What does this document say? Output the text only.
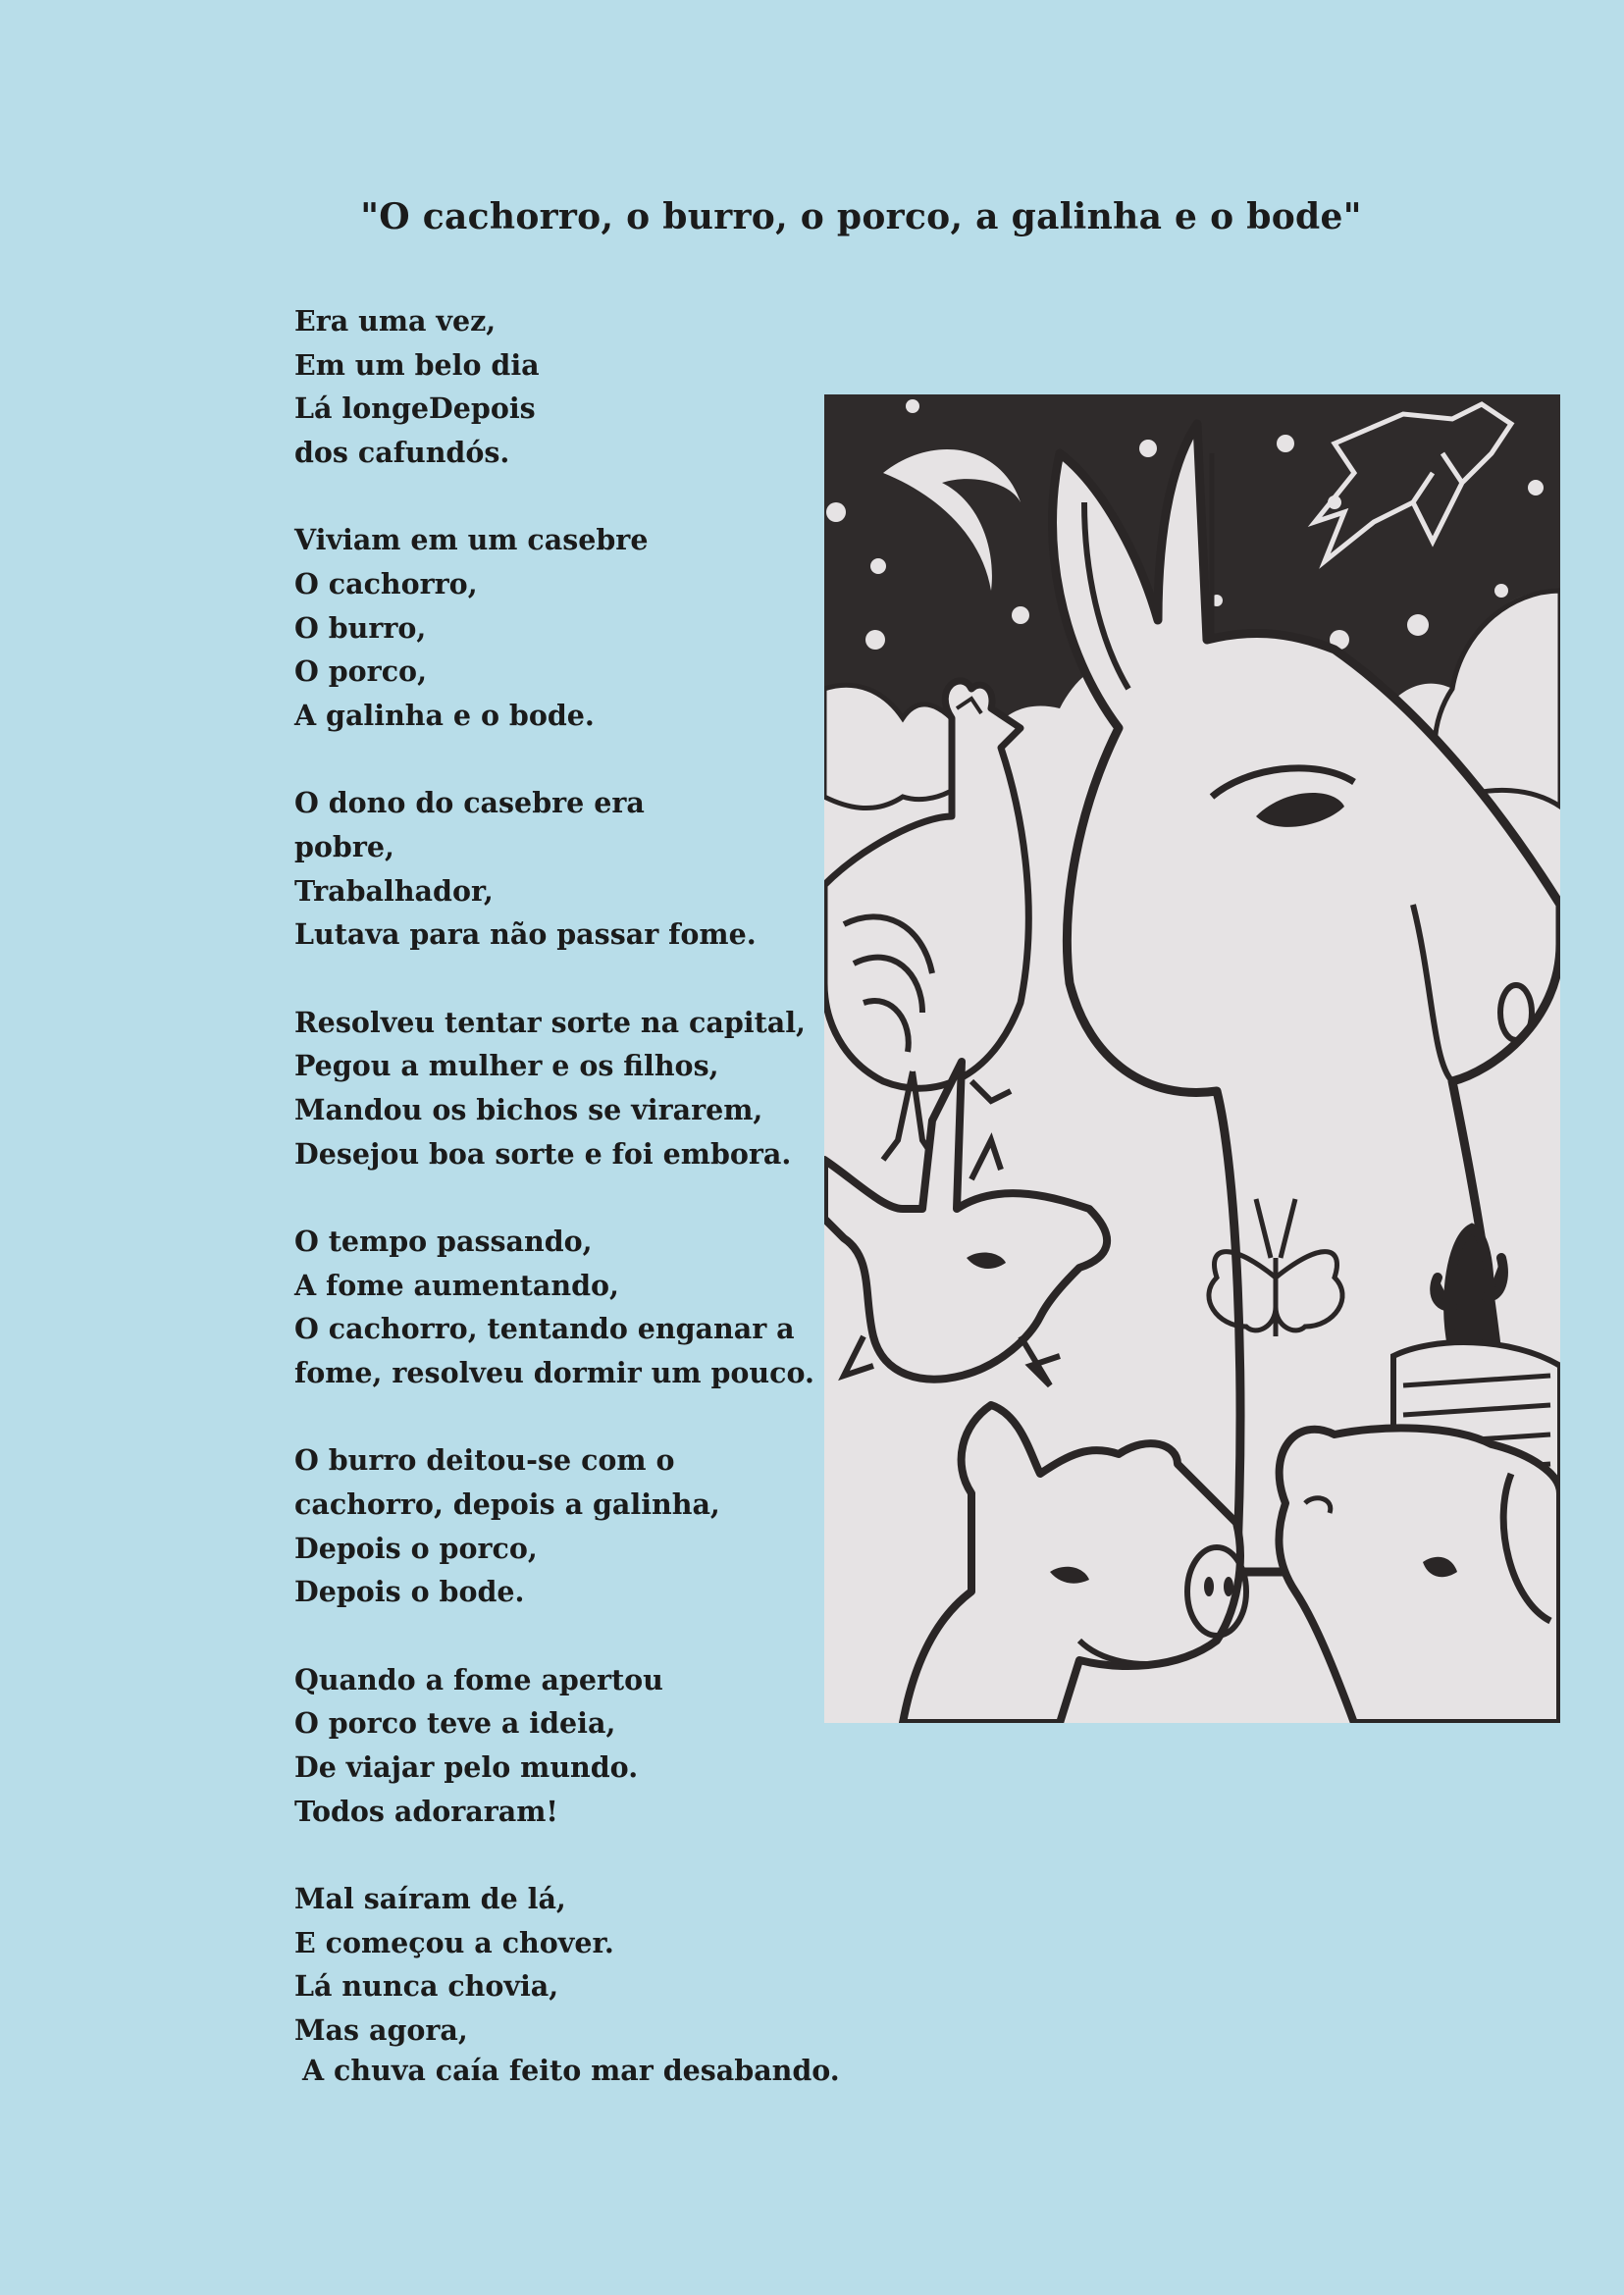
"O cachorro, o burro, o porco, a galinha e o bode"
Era uma vez,
Em um belo dia
Lá longeDepois
dos cafundós.
Viviam em um casebre
O cachorro,
O burro,
O porco,
A galinha e o bode.
O dono do casebre era
pobre,
Trabalhador,
Lutava para não passar fome.
Resolveu tentar sorte na capital,
Pegou a mulher e os filhos,
Mandou os bichos se virarem,
Desejou boa sorte e foi embora.
O tempo passando,
A fome aumentando,
O cachorro, tentando enganar a
fome, resolveu dormir um pouco.
O burro deitou-se com o
cachorro, depois a galinha,
Depois o porco,
Depois o bode.
Quando a fome apertou
O porco teve a ideia,
De viajar pelo mundo.
Todos adoraram!
Mal saíram de lá,
E começou a chover.
Lá nunca chovia,
Mas agora,
A chuva caía feito mar desabando.
